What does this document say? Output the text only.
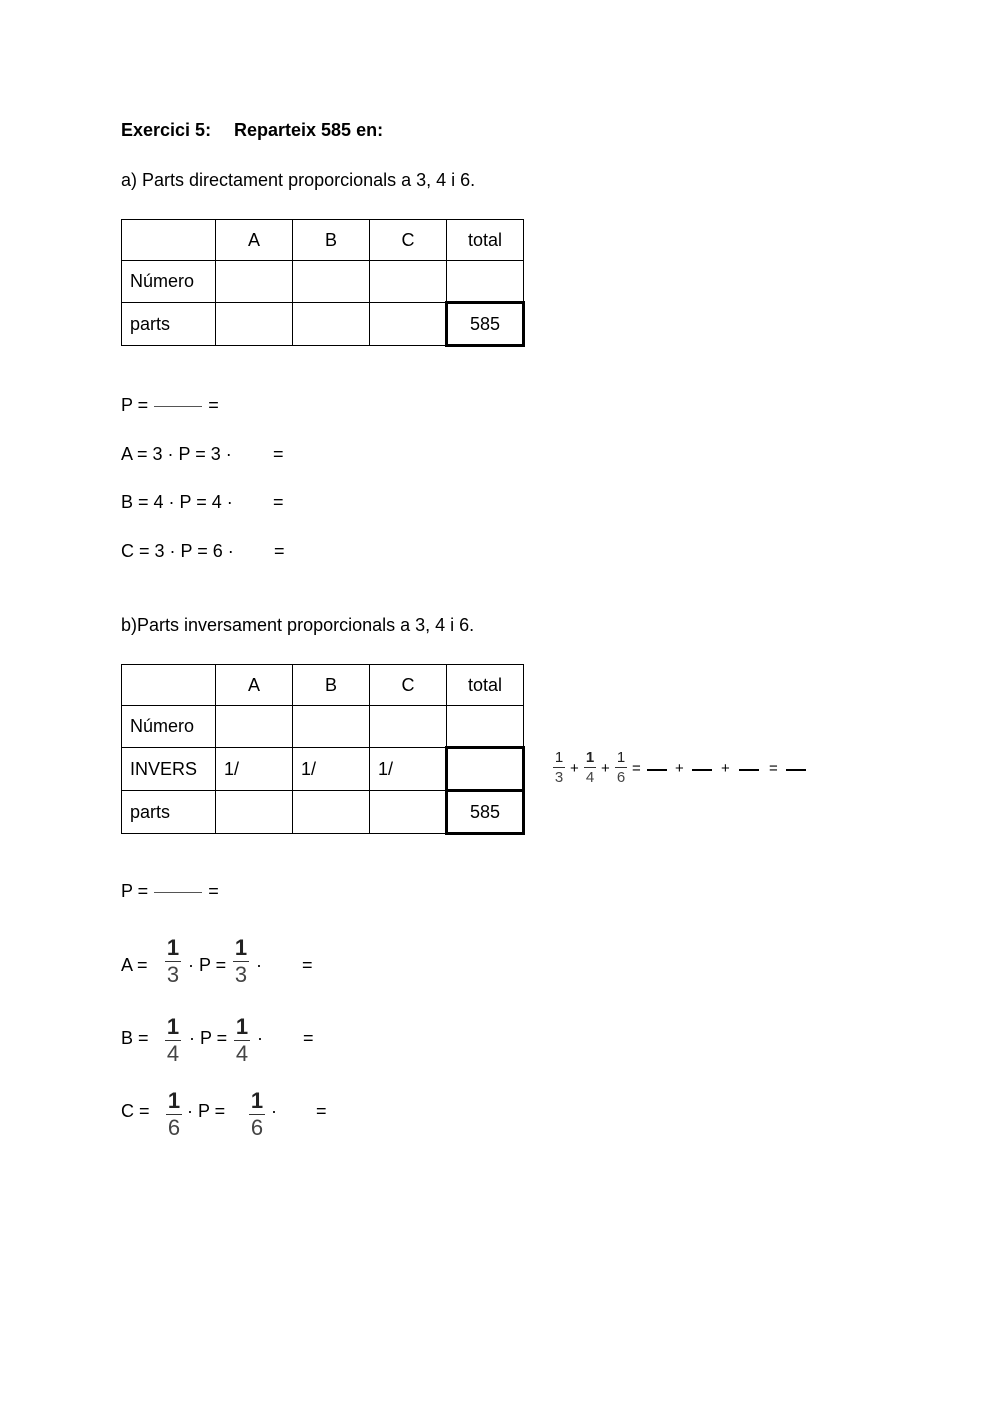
Exercici 5: Reparteix 585 en:
a) Parts directament proporcionals a 3, 4 i 6.
	A	B	C	total
Número				
parts				585
P =	=
A = 3 · P = 3 · =
B = 4 · P = 4 · =
C = 3 · P = 6 · =
b)Parts inversament proporcionals a 3, 4 i 6.
	A	B	C	total
Número				
INVERS	1/	1/	1/	
parts				585
1
3
+
1
4
+
1
6
= + +	=
P =	=
A =
1
3 · P =
1
3 · =
B = 1
4
· P = 1
4
· =
C = 1
6
· P = 1
6
· =
